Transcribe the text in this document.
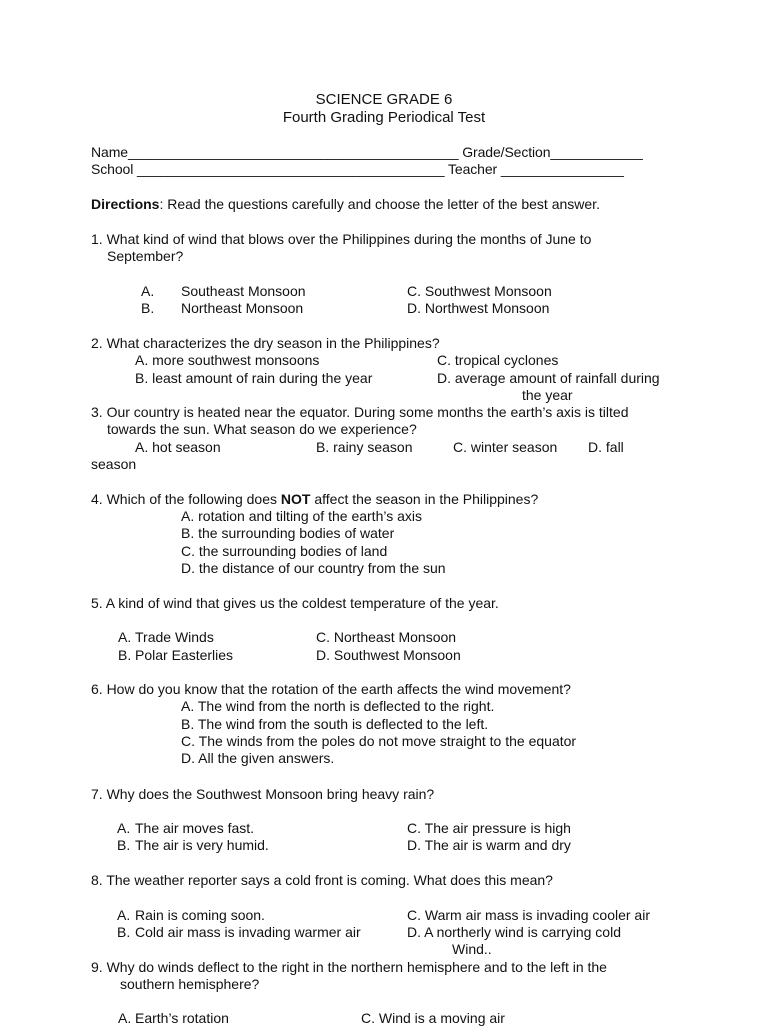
SCIENCE GRADE 6
Fourth Grading Periodical Test
Name___________________________________________ Grade/Section____________
School ________________________________________ Teacher ________________
Directions: Read the questions carefully and choose the letter of the best answer.
1. What kind of wind that blows over the Philippines during the months of June to
September?
A. Southeast Monsoon
B. Northeast Monsoon
C. Southwest Monsoon
D. Northwest Monsoon
2. What characterizes the dry season in the Philippines?
A. more southwest monsoons	C. tropical cyclones
B. least amount of rain during the year	D. average amount of rainfall during
the year
3. Our country is heated near the equator. During some months the earth’s axis is tilted
towards the sun. What season do we experience?
A. hot season	B. rainy season	C. winter season D. fall
season
4. Which of the following does NOT affect the season in the Philippines?
A. rotation and tilting of the earth’s axis
B. the surrounding bodies of water
C. the surrounding bodies of land
D. the distance of our country from the sun
5. A kind of wind that gives us the coldest temperature of the year.
A. Trade Winds
B. Polar Easterlies
C. Northeast Monsoon
D. Southwest Monsoon
6. How do you know that the rotation of the earth affects the wind movement?
A. The wind from the north is deflected to the right.
B. The wind from the south is deflected to the left.
C. The winds from the poles do not move straight to the equator
D. All the given answers.
7. Why does the Southwest Monsoon bring heavy rain?
A. The air moves fast.
B. The air is very humid.
C. The air pressure is high
D. The air is warm and dry
8. The weather reporter says a cold front is coming. What does this mean?
A. Rain is coming soon.
B. Cold air mass is invading warmer air
C. Warm air mass is invading cooler air
D. A northerly wind is carrying cold
Wind..
9. Why do winds deflect to the right in the northern hemisphere and to the left in the
southern hemisphere?
A. Earth’s rotation	C. Wind is a moving air
